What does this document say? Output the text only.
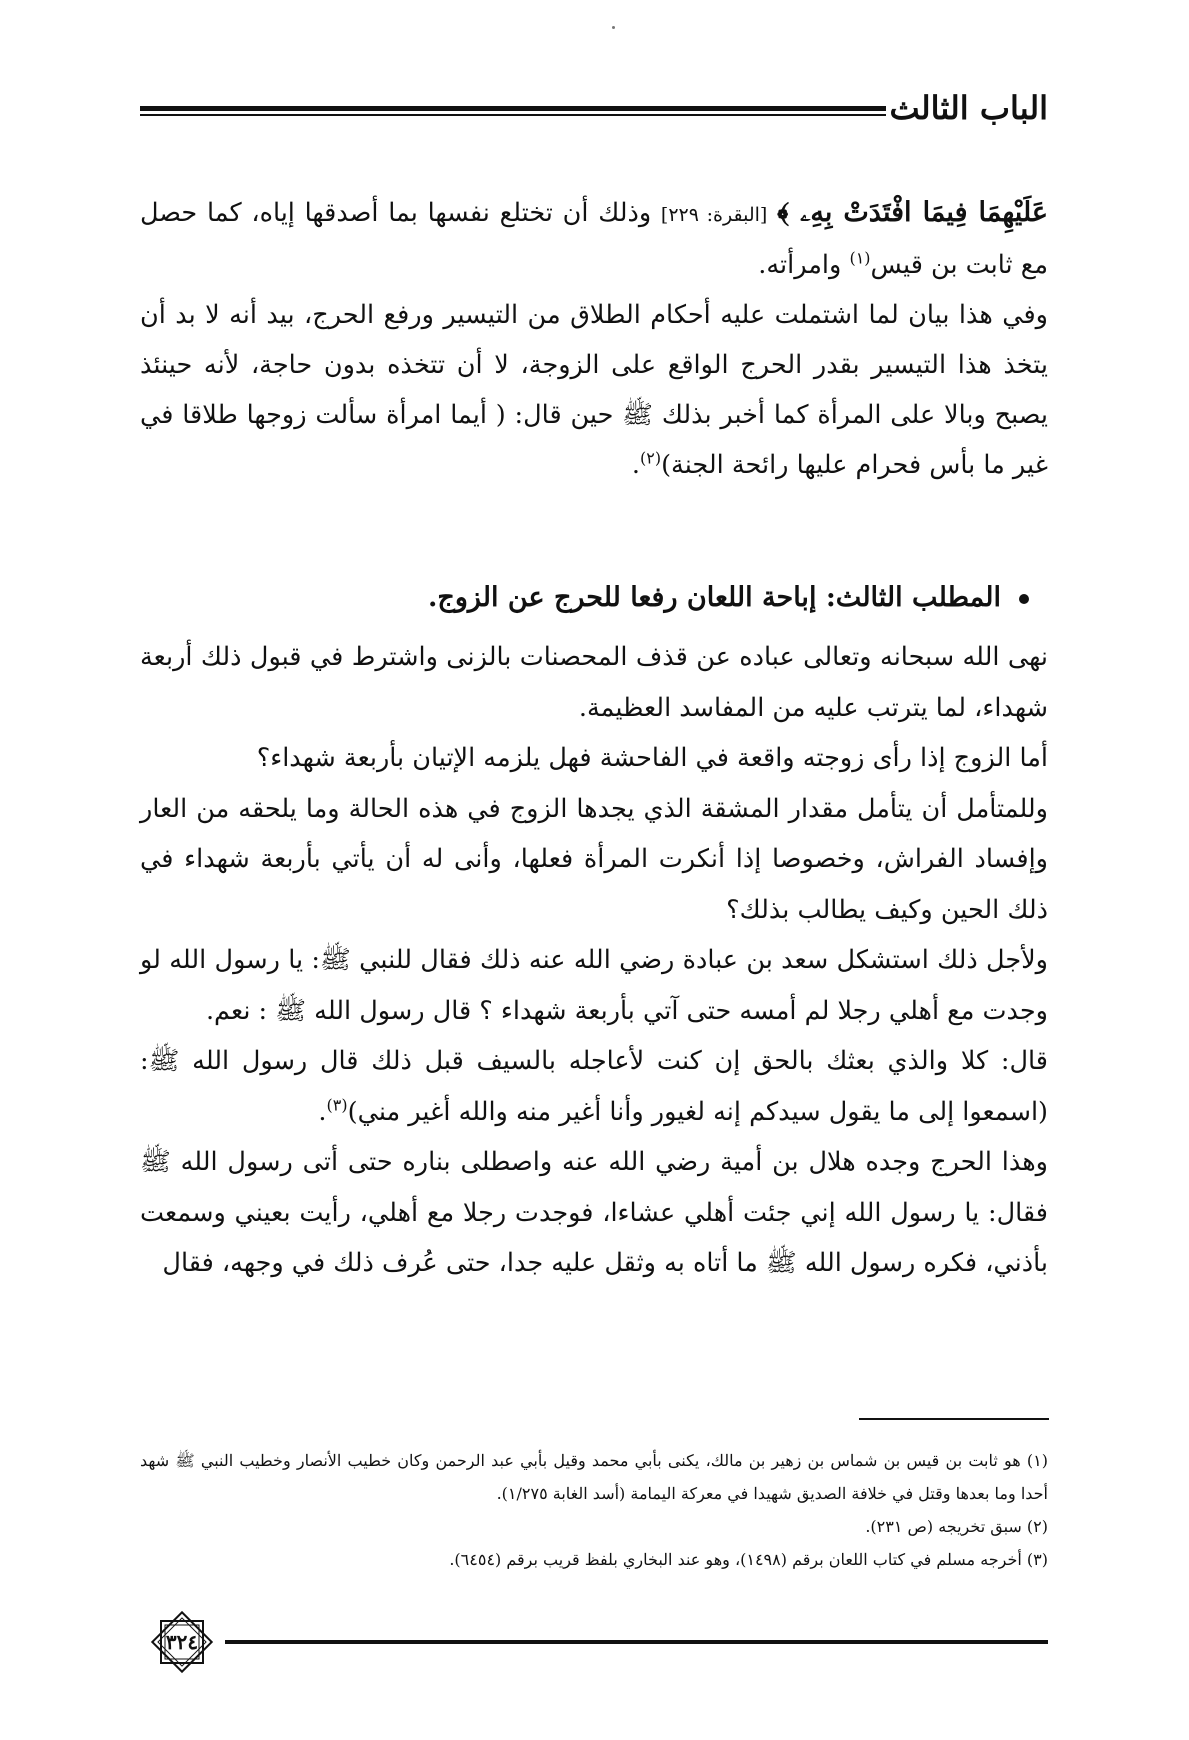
الباب الثالث

عَلَيْهِمَا فِيمَا افْتَدَتْ بِهِۦ ﴾ [البقرة: ٢٢٩] وذلك أن تختلع نفسها بما أصدقها إياه، كما حصل مع ثابت بن قيس$^{(١)}$ وامرأته.

وفي هذا بيان لما اشتملت عليه أحكام الطلاق من التيسير ورفع الحرج، بيد أنه لا بد أن يتخذ هذا التيسير بقدر الحرج الواقع على الزوجة، لا أن تتخذه بدون حاجة، لأنه حينئذ يصبح وبالا على المرأة كما أخبر بذلك ﷺ حين قال: ( أيما امرأة سألت زوجها طلاقا في غير ما بأس فحرام عليها رائحة الجنة)$^{(٢)}$.

المطلب الثالث: إباحة اللعان رفعا للحرج عن الزوج.

نهى الله سبحانه وتعالى عباده عن قذف المحصنات بالزنى واشترط في قبول ذلك أربعة شهداء، لما يترتب عليه من المفاسد العظيمة.

أما الزوج إذا رأى زوجته واقعة في الفاحشة فهل يلزمه الإتيان بأربعة شهداء؟

وللمتأمل أن يتأمل مقدار المشقة الذي يجدها الزوج في هذه الحالة وما يلحقه من العار وإفساد الفراش، وخصوصا إذا أنكرت المرأة فعلها، وأنى له أن يأتي بأربعة شهداء في ذلك الحين وكيف يطالب بذلك؟

ولأجل ذلك استشكل سعد بن عبادة رضي الله عنه ذلك فقال للنبي ﷺ: يا رسول الله لو وجدت مع أهلي رجلا لم أمسه حتى آتي بأربعة شهداء ؟ قال رسول الله ﷺ : نعم.

قال: كلا والذي بعثك بالحق إن كنت لأعاجله بالسيف قبل ذلك قال رسول الله ﷺ: (اسمعوا إلى ما يقول سيدكم إنه لغيور وأنا أغير منه والله أغير مني)$^{(٣)}$.

وهذا الحرج وجده هلال بن أمية رضي الله عنه واصطلى بناره حتى أتى رسول الله ﷺ فقال: يا رسول الله إني جئت أهلي عشاءا، فوجدت رجلا مع أهلي، رأيت بعيني وسمعت بأذني، فكره رسول الله ﷺ ما أتاه به وثقل عليه جدا، حتى عُرف ذلك في وجهه، فقال

(١) هو ثابت بن قيس بن شماس بن زهير بن مالك، يكنى بأبي محمد وقيل بأبي عبد الرحمن وكان خطيب الأنصار وخطيب النبي ﷺ شهد أحدا وما بعدها وقتل في خلافة الصديق شهيدا في معركة اليمامة (أسد الغابة ١/٢٧٥).

(٢) سبق تخريجه (ص ٢٣١).

(٣) أخرجه مسلم في كتاب اللعان برقم (١٤٩٨)، وهو عند البخاري بلفظ قريب برقم (٦٤٥٤).

٣٢٤
